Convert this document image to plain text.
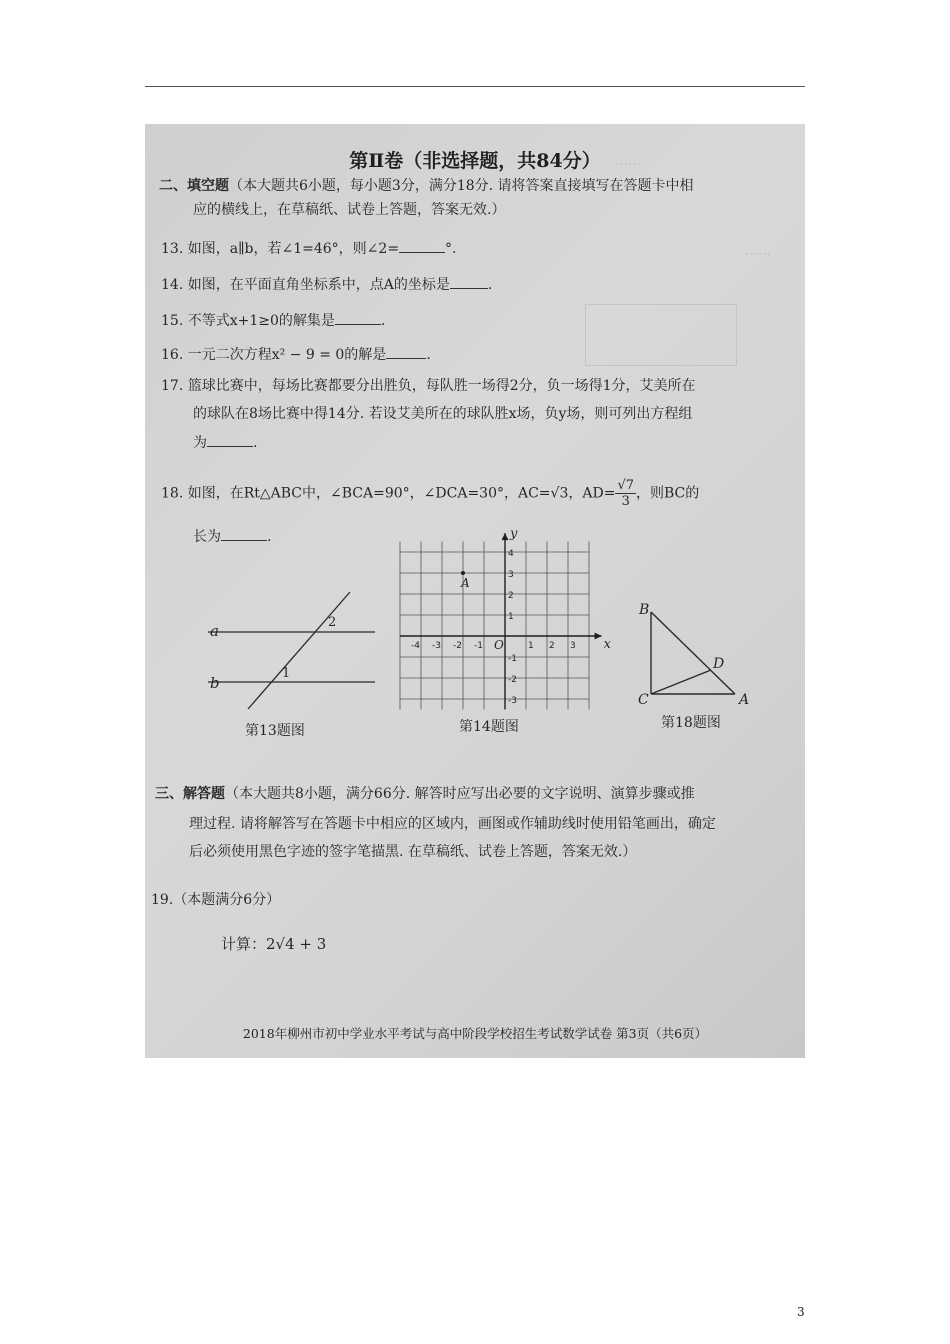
……
……
第Ⅱ卷（非选择题，共84分）
二、填空题（本大题共6小题，每小题3分，满分18分. 请将答案直接填写在答题卡中相
应的横线上，在草稿纸、试卷上答题，答案无效.）
13. 如图，a∥b，若∠1=46°，则∠2=	°.
14. 如图，在平面直角坐标系中，点A的坐标是	.
15. 不等式x+1≥0的解集是	.
16. 一元二次方程x² − 9 = 0的解是	.
17. 篮球比赛中，每场比赛都要分出胜负，每队胜一场得2分，负一场得1分，艾美所在
的球队在8场比赛中得14分. 若设艾美所在的球队胜x场，负y场，则可列出方程组
为	.
18. 如图，在Rt△ABC中，∠BCA=90°，∠DCA=30°，AC=√3，$AD= \frac{√7}{3}$ ，则BC的
长为	.
a
b
2
1
第13题图
x
y
O
-4 -3 -2 -1	1 2 3
4
3
2
1
-1
-2
-3
A
第14题图
B
C	A
D
第18题图
三、解答题（本大题共8小题，满分66分. 解答时应写出必要的文字说明、演算步骤或推
理过程. 请将解答写在答题卡中相应的区域内，画图或作辅助线时使用铅笔画出，确定
后必须使用黑色字迹的签字笔描黑. 在草稿纸、试卷上答题，答案无效.）
19.（本题满分6分）
计算：2√4 + 3
2018年柳州市初中学业水平考试与高中阶段学校招生考试数学试卷 第3页（共6页）
3
